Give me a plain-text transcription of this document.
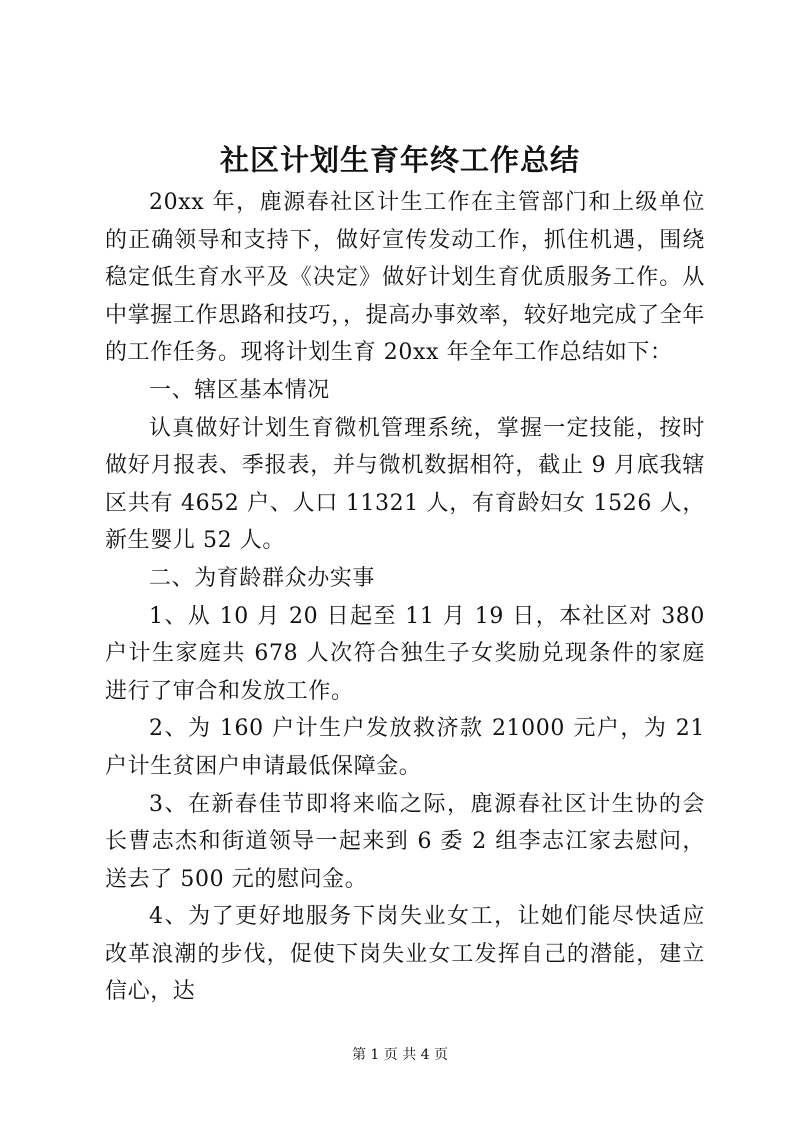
社区计划生育年终工作总结

20xx 年，鹿源春社区计生工作在主管部门和上级单位的正确领导和支持下，做好宣传发动工作，抓住机遇，围绕稳定低生育水平及《决定》做好计划生育优质服务工作。从中掌握工作思路和技巧，，提高办事效率，较好地完成了全年的工作任务。现将计划生育 20xx 年全年工作总结如下：

一、辖区基本情况

认真做好计划生育微机管理系统，掌握一定技能，按时做好月报表、季报表，并与微机数据相符，截止 9 月底我辖区共有 4652 户、人口 11321 人，有育龄妇女 1526 人，新生婴儿 52 人。

二、为育龄群众办实事

1、从 10 月 20 日起至 11 月 19 日，本社区对 380 户计生家庭共 678 人次符合独生子女奖励兑现条件的家庭进行了审合和发放工作。

2、为 160 户计生户发放救济款 21000 元户，为 21 户计生贫困户申请最低保障金。

3、在新春佳节即将来临之际，鹿源春社区计生协的会长曹志杰和街道领导一起来到 6 委 2 组李志江家去慰问，送去了 500 元的慰问金。

4、为了更好地服务下岗失业女工，让她们能尽快适应改革浪潮的步伐，促使下岗失业女工发挥自己的潜能，建立信心，达

第 1 页 共 4 页
